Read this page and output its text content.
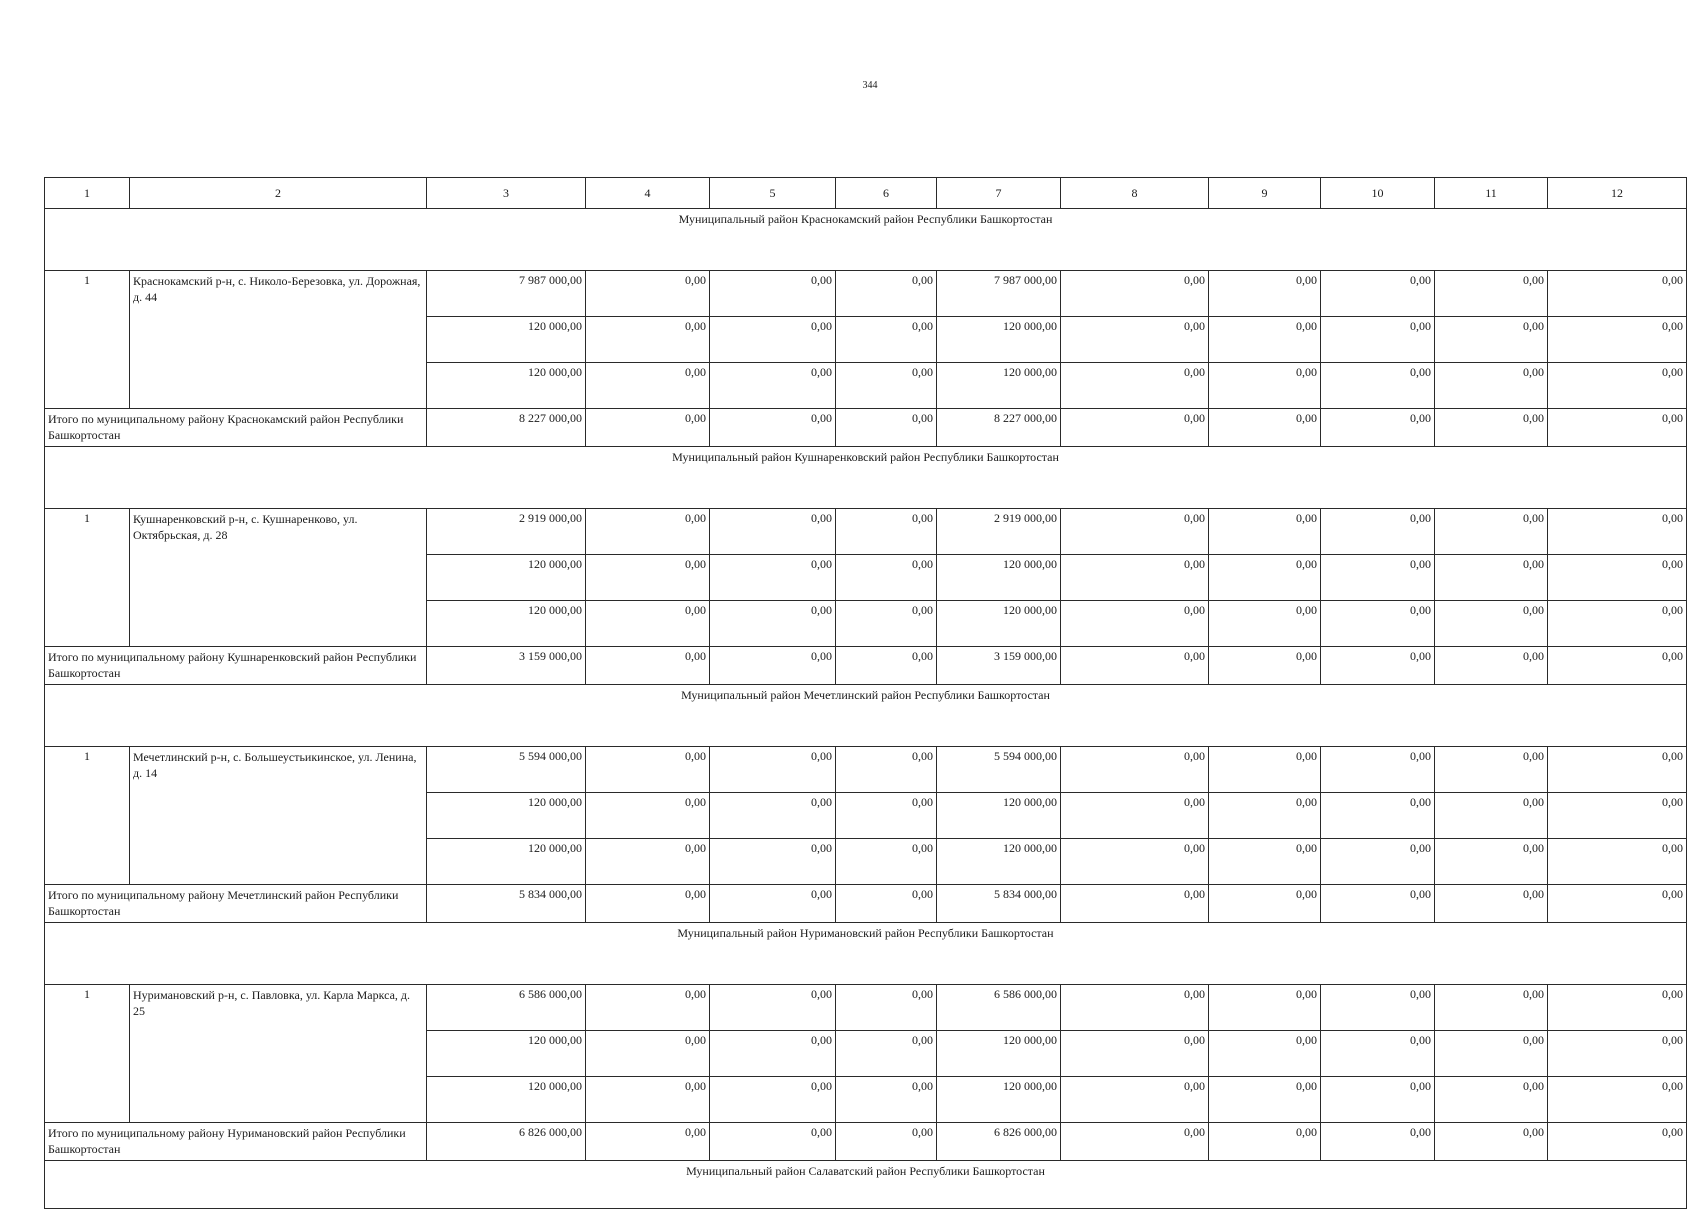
344
1	2	3	4	5	6	7	8	9	10	11	12
Муниципальный район Краснокамский район Республики Башкортостан											
1	Краснокамский р-н, с. Николо-Березовка, ул. Дорожная, д. 44	7 987 000,00	0,00	0,00	0,00	7 987 000,00	0,00	0,00	0,00	0,00	0,00
		120 000,00	0,00	0,00	0,00	120 000,00	0,00	0,00	0,00	0,00	0,00
		120 000,00	0,00	0,00	0,00	120 000,00	0,00	0,00	0,00	0,00	0,00
Итого по муниципальному району Краснокамский район Республики Башкортостан		8 227 000,00	0,00	0,00	0,00	8 227 000,00	0,00	0,00	0,00	0,00	0,00
Муниципальный район Кушнаренковский район Республики Башкортостан											
1	Кушнаренковский р-н, с. Кушнаренково, ул. Октябрьская, д. 28	2 919 000,00	0,00	0,00	0,00	2 919 000,00	0,00	0,00	0,00	0,00	0,00
		120 000,00	0,00	0,00	0,00	120 000,00	0,00	0,00	0,00	0,00	0,00
		120 000,00	0,00	0,00	0,00	120 000,00	0,00	0,00	0,00	0,00	0,00
Итого по муниципальному району Кушнаренковский район Республики Башкортостан		3 159 000,00	0,00	0,00	0,00	3 159 000,00	0,00	0,00	0,00	0,00	0,00
Муниципальный район Мечетлинский район Республики Башкортостан											
1	Мечетлинский р-н, с. Большеустьикинское, ул. Ленина, д. 14	5 594 000,00	0,00	0,00	0,00	5 594 000,00	0,00	0,00	0,00	0,00	0,00
		120 000,00	0,00	0,00	0,00	120 000,00	0,00	0,00	0,00	0,00	0,00
		120 000,00	0,00	0,00	0,00	120 000,00	0,00	0,00	0,00	0,00	0,00
Итого по муниципальному району Мечетлинский район Республики Башкортостан		5 834 000,00	0,00	0,00	0,00	5 834 000,00	0,00	0,00	0,00	0,00	0,00
Муниципальный район Нуримановский район Республики Башкортостан											
1	Нуримановский р-н, с. Павловка, ул. Карла Маркса, д. 25	6 586 000,00	0,00	0,00	0,00	6 586 000,00	0,00	0,00	0,00	0,00	0,00
		120 000,00	0,00	0,00	0,00	120 000,00	0,00	0,00	0,00	0,00	0,00
		120 000,00	0,00	0,00	0,00	120 000,00	0,00	0,00	0,00	0,00	0,00
Итого по муниципальному району Нуримановский район Республики Башкортостан		6 826 000,00	0,00	0,00	0,00	6 826 000,00	0,00	0,00	0,00	0,00	0,00
Муниципальный район Салаватский район Республики Башкортостан											
